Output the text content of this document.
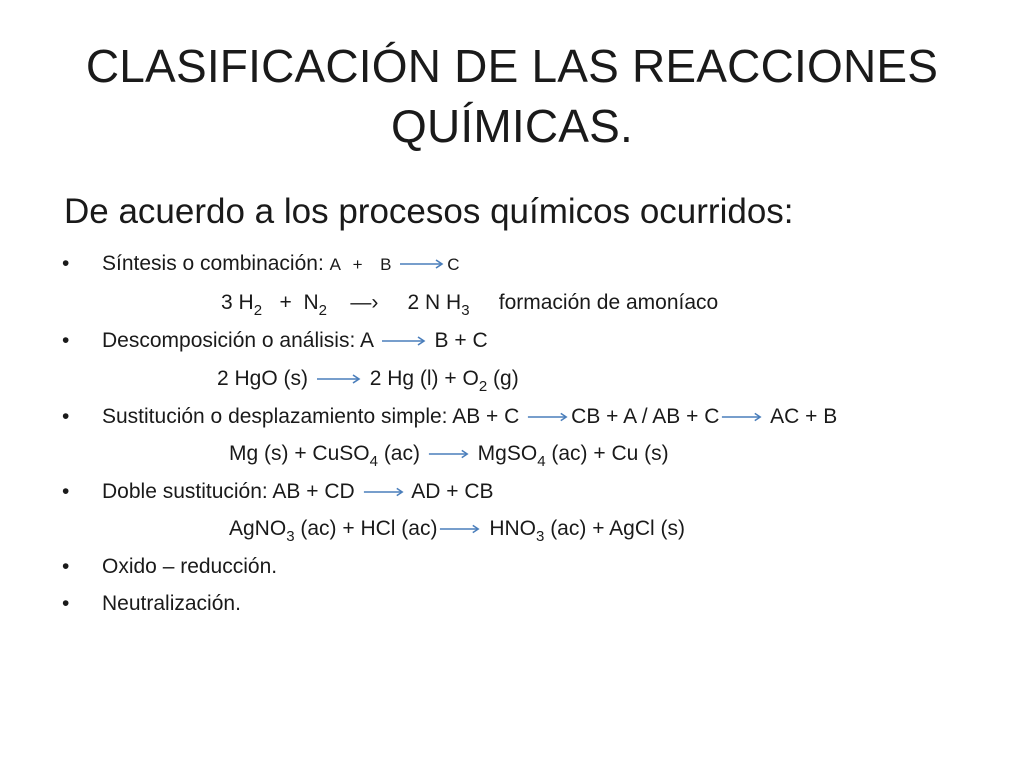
CLASIFICACIÓN DE LAS REACCIONES QUÍMICAS.
De acuerdo a los procesos químicos ocurridos:
• Síntesis o combinación: A + B → C
3 $H_2 + N_2$ —› 2 N $H_3$ formación de amoníaco
• Descomposición o análisis: A → B + C
2 HgO (s) → 2 Hg $(l) + O_2$ (g)
• Sustitución o desplazamiento simple: AB + C → CB + A / AB + C → AC + B
Mg (s) + CuSO$_4$ (ac) → MgSO$_4$ (ac) + Cu (s)
• Doble sustitución: AB + CD → AD + CB
AgNO$_3$ (ac) + HCl $(ac) \to HNO_3$ (ac) + AgCl (s)
• Oxido – reducción.
• Neutralización.
